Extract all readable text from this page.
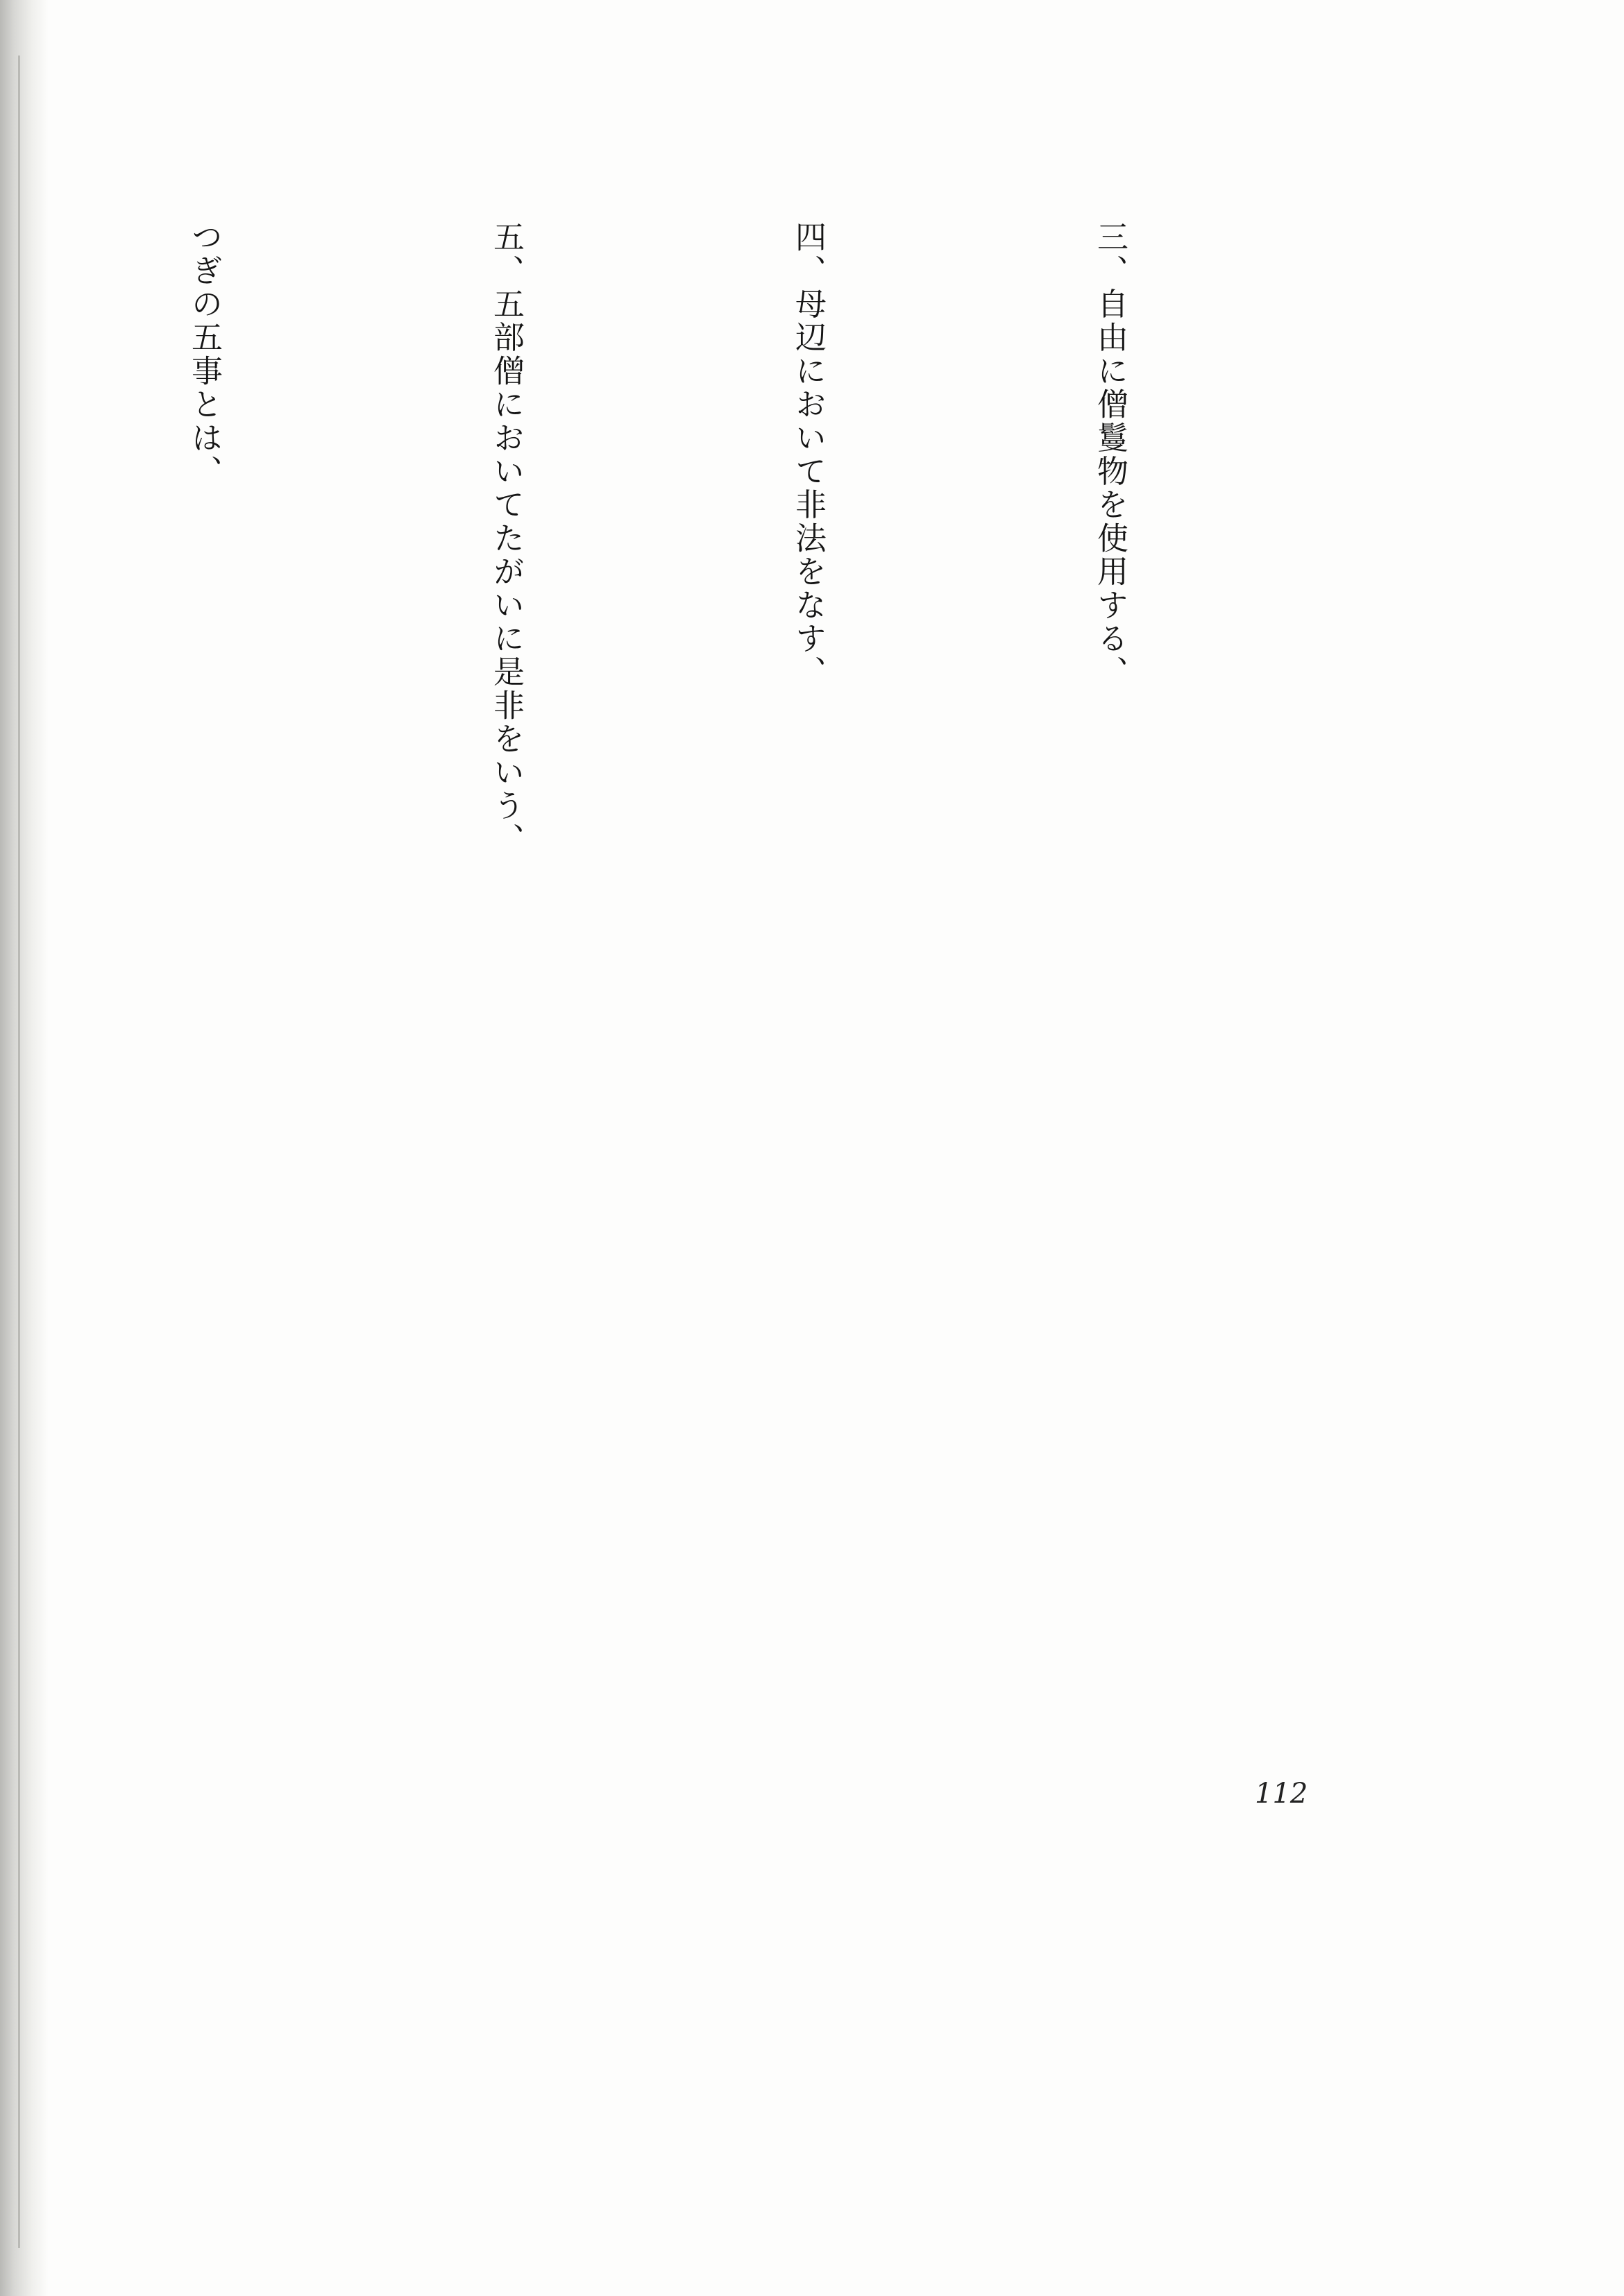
三、自由に僧鬘物を使用する、

四、母辺において非法をなす、

五、五部僧においてたがいに是非をいう、

つぎの五事とは、

112
